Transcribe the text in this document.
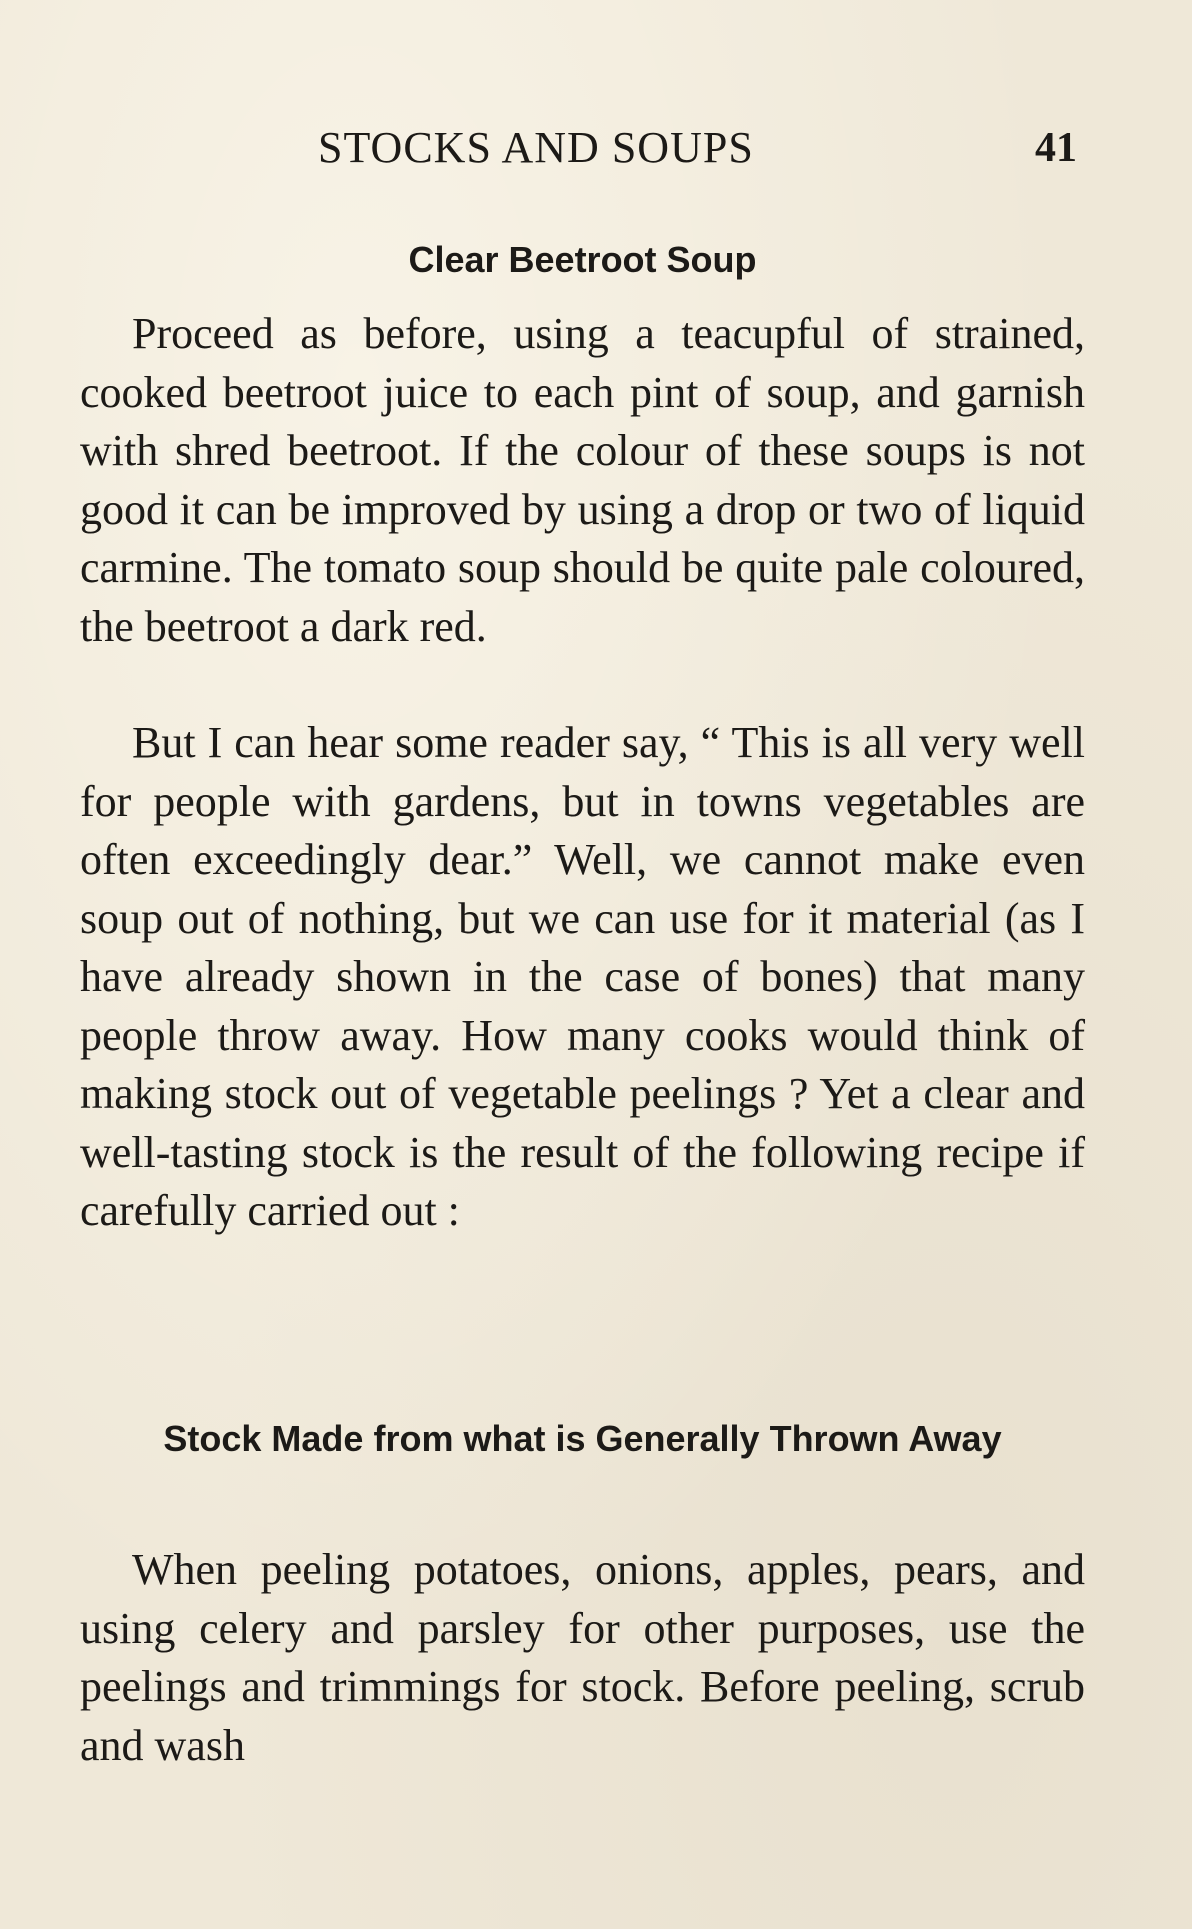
STOCKS AND SOUPS	41
Clear Beetroot Soup

Proceed as before, using a teacupful of strained, cooked beetroot juice to each pint of soup, and garnish with shred beetroot. If the colour of these soups is not good it can be improved by using a drop or two of liquid carmine. The tomato soup should be quite pale coloured, the beetroot a dark red.

But I can hear some reader say, “ This is all very well for people with gardens, but in towns vegetables are often exceedingly dear.” Well, we cannot make even soup out of nothing, but we can use for it material (as I have already shown in the case of bones) that many people throw away. How many cooks would think of making stock out of vegetable peelings ? Yet a clear and well-tasting stock is the result of the following recipe if carefully carried out :

Stock Made from what is Generally Thrown Away

When peeling potatoes, onions, apples, pears, and using celery and parsley for other purposes, use the peelings and trimmings for stock. Before peeling, scrub and wash
